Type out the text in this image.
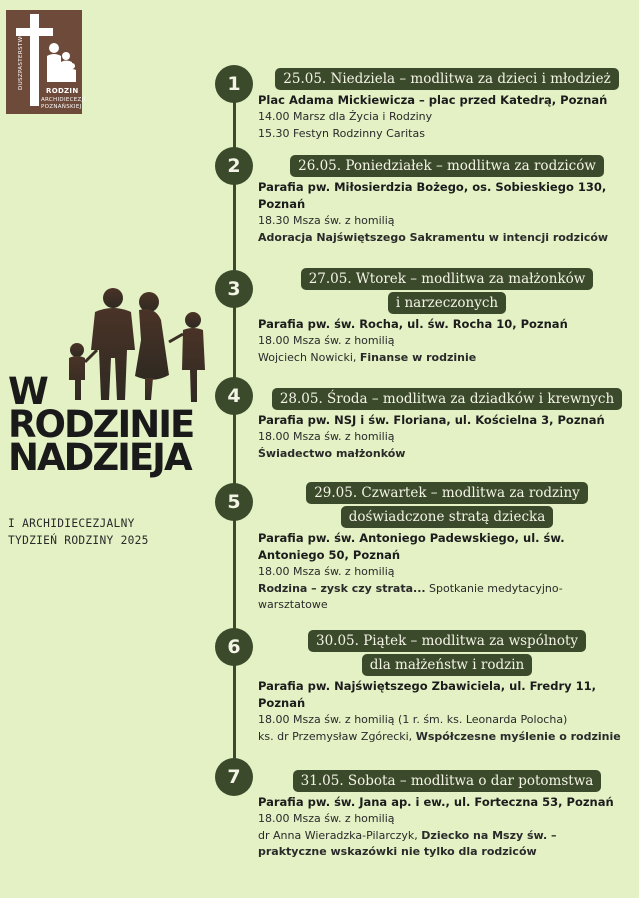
DUSZPASTERSTWO
RODZIN
ARCHIDIECEZJI
POZNAŃSKIEJ
W
RODZINIE
NADZIEJA
I ARCHIDIECEZJALNY
TYDZIEŃ RODZINY 2025
1
2
3
4
5
6
7
25.05. Niedziela – modlitwa za dzieci i młodzież
Plac Adama Mickiewicza – plac przed Katedrą, Poznań
14.00 Marsz dla Życia i Rodziny
15.30 Festyn Rodzinny Caritas
26.05. Poniedziałek – modlitwa za rodziców
Parafia pw. Miłosierdzia Bożego, os. Sobieskiego 130,
Poznań
18.30 Msza św. z homilią
Adoracja Najświętszego Sakramentu w intencji rodziców
27.05. Wtorek – modlitwa za małżonków
i narzeczonych
Parafia pw. św. Rocha, ul. św. Rocha 10, Poznań
18.00 Msza św. z homilią
Wojciech Nowicki, Finanse w rodzinie
28.05. Środa – modlitwa za dziadków i krewnych
Parafia pw. NSJ i św. Floriana, ul. Kościelna 3, Poznań
18.00 Msza św. z homilią
Świadectwo małżonków
29.05. Czwartek – modlitwa za rodziny
doświadczone stratą dziecka
Parafia pw. św. Antoniego Padewskiego, ul. św.
Antoniego 50, Poznań
18.00 Msza św. z homilią
Rodzina – zysk czy strata... Spotkanie medytacyjno-
warsztatowe
30.05. Piątek – modlitwa za wspólnoty
dla małżeństw i rodzin
Parafia pw. Najświętszego Zbawiciela, ul. Fredry 11,
Poznań
18.00 Msza św. z homilią (1 r. śm. ks. Leonarda Polocha)
ks. dr Przemysław Zgórecki, Współczesne myślenie o rodzinie
31.05. Sobota – modlitwa o dar potomstwa
Parafia pw. św. Jana ap. i ew., ul. Forteczna 53, Poznań
18.00 Msza św. z homilią
dr Anna Wieradzka-Pilarczyk, Dziecko na Mszy św. –
praktyczne wskazówki nie tylko dla rodziców
